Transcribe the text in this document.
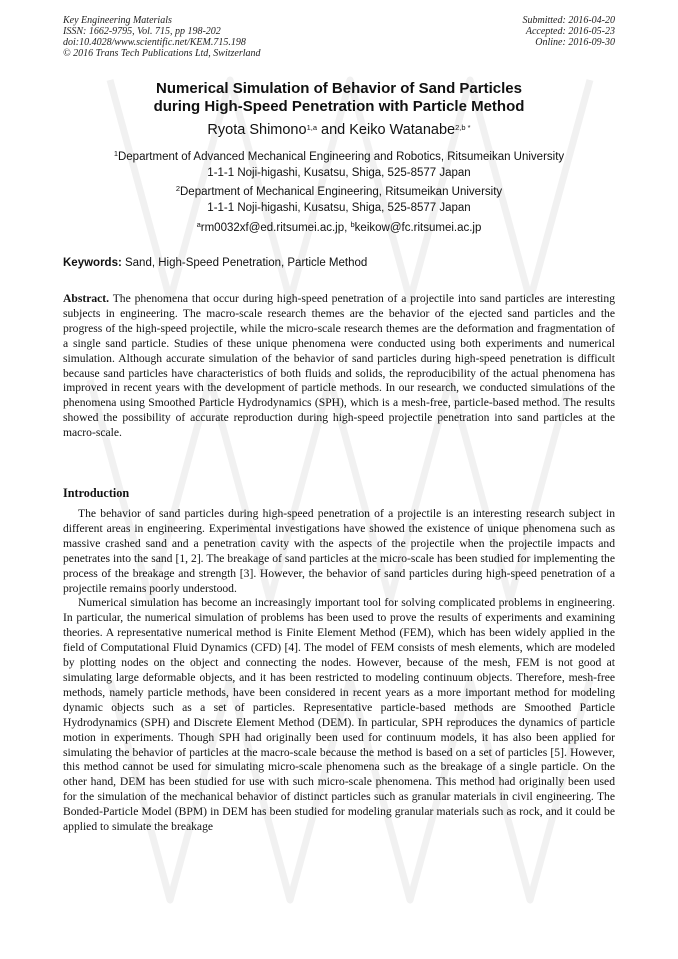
Key Engineering Materials
ISSN: 1662-9795, Vol. 715, pp 198-202
doi:10.4028/www.scientific.net/KEM.715.198
© 2016 Trans Tech Publications Ltd, Switzerland
Submitted: 2016-04-20
Accepted: 2016-05-23
Online: 2016-09-30
Numerical Simulation of Behavior of Sand Particles
during High-Speed Penetration with Particle Method
Ryota Shimono$^{1,a}$ and Keiko Watanabe$^{2,b *}$
$^1$Department of Advanced Mechanical Engineering and Robotics, Ritsumeikan University
1-1-1 Noji-higashi, Kusatsu, Shiga, 525-8577 Japan
$^2$Department of Mechanical Engineering, Ritsumeikan University
1-1-1 Noji-higashi, Kusatsu, Shiga, 525-8577 Japan
$^a$rm0032xf@ed.ritsumei.ac.jp, $^b$keikow@fc.ritsumei.ac.jp
Keywords: Sand, High-Speed Penetration, Particle Method

Abstract. The phenomena that occur during high-speed penetration of a projectile into sand particles are interesting subjects in engineering. The macro-scale research themes are the behavior of the ejected sand particles and the progress of the high-speed projectile, while the micro-scale research themes are the deformation and fragmentation of a single sand particle. Studies of these unique phenomena were conducted using both experiments and numerical simulation. Although accurate simulation of the behavior of sand particles during high-speed penetration is difficult because sand particles have characteristics of both fluids and solids, the reproducibility of the actual phenomena has improved in recent years with the development of particle methods. In our research, we conducted simulations of the phenomena using Smoothed Particle Hydrodynamics (SPH), which is a mesh-free, particle-based method. The results showed the possibility of accurate reproduction during high-speed projectile penetration into sand particles at the macro-scale.

Introduction

The behavior of sand particles during high-speed penetration of a projectile is an interesting research subject in different areas in engineering. Experimental investigations have showed the existence of unique phenomena such as massive crashed sand and a penetration cavity with the aspects of the projectile when the projectile impacts and penetrates into the sand [1, 2]. The breakage of sand particles at the micro-scale has been studied for implementing the process of the breakage and strength [3]. However, the behavior of sand particles during high-speed penetration of a projectile remains poorly understood.

Numerical simulation has become an increasingly important tool for solving complicated problems in engineering. In particular, the numerical simulation of problems has been used to prove the results of experiments and examining theories. A representative numerical method is Finite Element Method (FEM), which has been widely applied in the field of Computational Fluid Dynamics (CFD) [4]. The model of FEM consists of mesh elements, which are modeled by plotting nodes on the object and connecting the nodes. However, because of the mesh, FEM is not good at simulating large deformable objects, and it has been restricted to modeling continuum objects. Therefore, mesh-free methods, namely particle methods, have been considered in recent years as a more important method for modeling dynamic objects such as a set of particles. Representative particle-based methods are Smoothed Particle Hydrodynamics (SPH) and Discrete Element Method (DEM). In particular, SPH reproduces the dynamics of particle motion in experiments. Though SPH had originally been used for continuum models, it has also been applied for simulating the behavior of particles at the macro-scale because the method is based on a set of particles [5]. However, this method cannot be used for simulating micro-scale phenomena such as the breakage of a single particle. On the other hand, DEM has been studied for use with such micro-scale phenomena. This method had originally been used for the simulation of the mechanical behavior of distinct particles such as granular materials in civil engineering. The Bonded-Particle Model (BPM) in DEM has been studied for modeling granular materials such as rock, and it could be applied to simulate the breakage
